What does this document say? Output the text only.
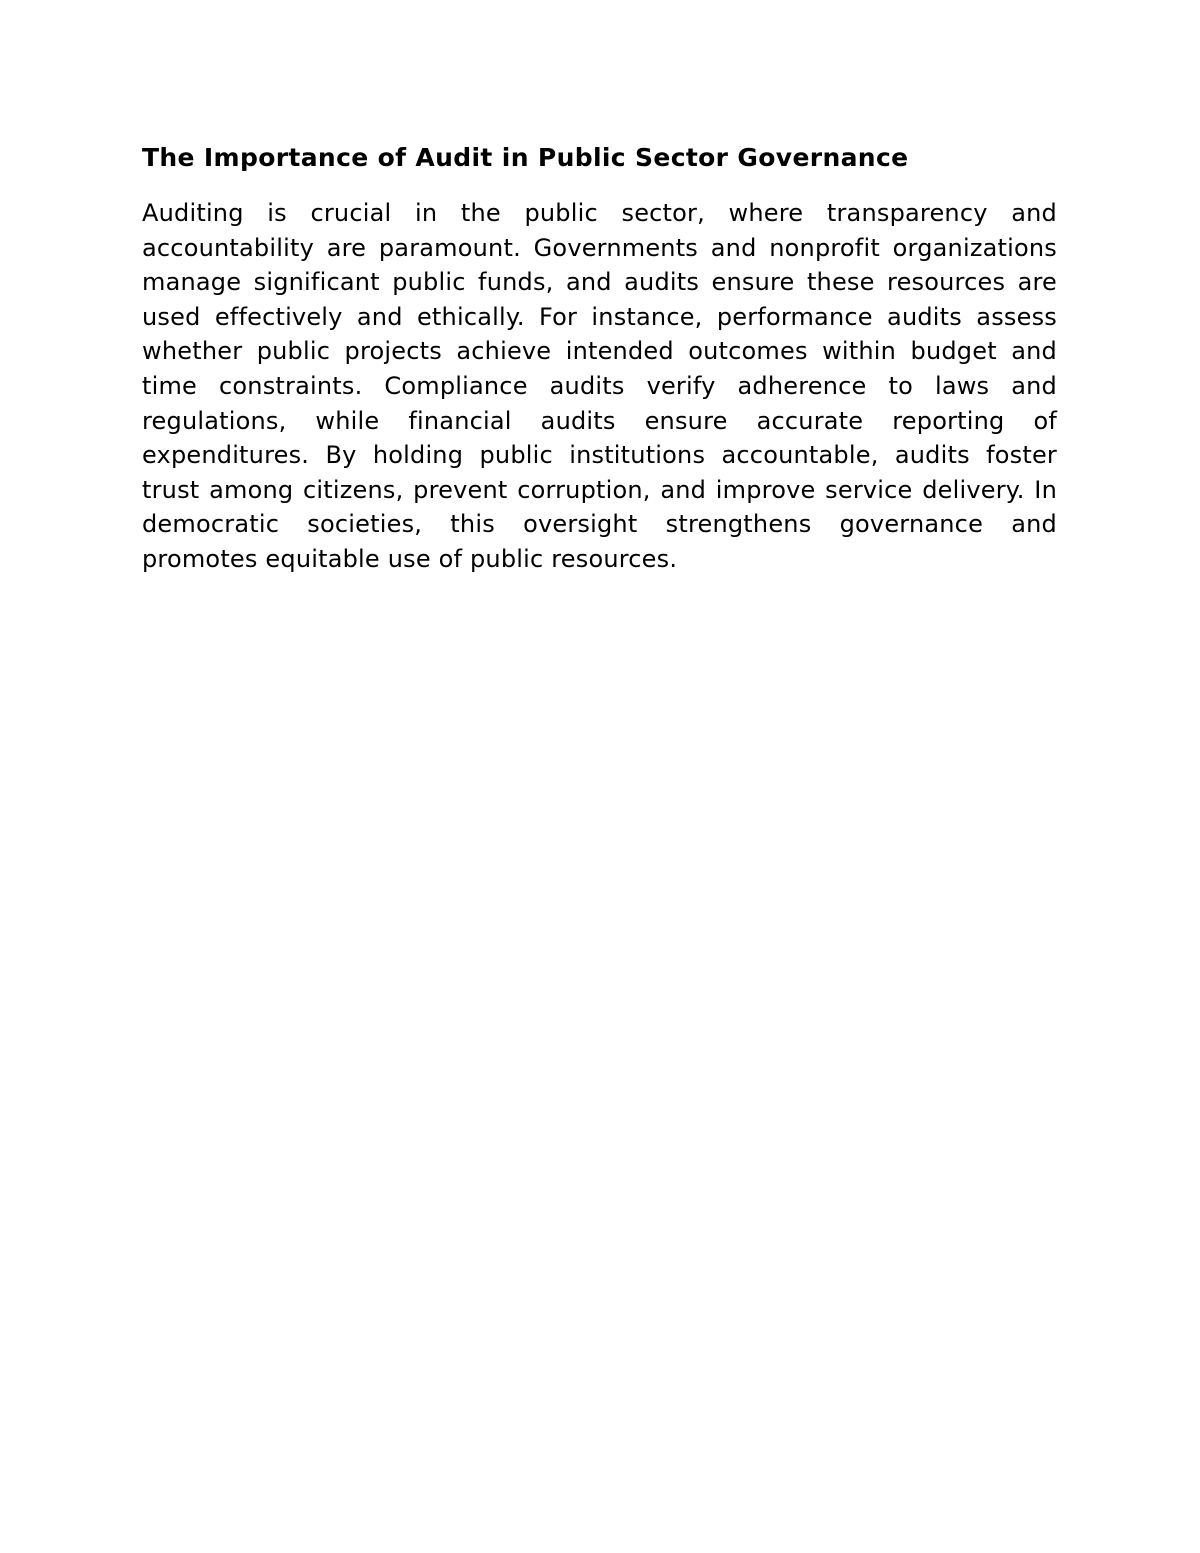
The Importance of Audit in Public Sector Governance

Auditing is crucial in the public sector, where transparency and accountability are paramount. Governments and nonprofit organizations manage significant public funds, and audits ensure these resources are used effectively and ethically. For instance, performance audits assess whether public projects achieve intended outcomes within budget and time constraints. Compliance audits verify adherence to laws and regulations, while financial audits ensure accurate reporting of expenditures. By holding public institutions accountable, audits foster trust among citizens, prevent corruption, and improve service delivery. In democratic societies, this oversight strengthens governance and promotes equitable use of public resources.
